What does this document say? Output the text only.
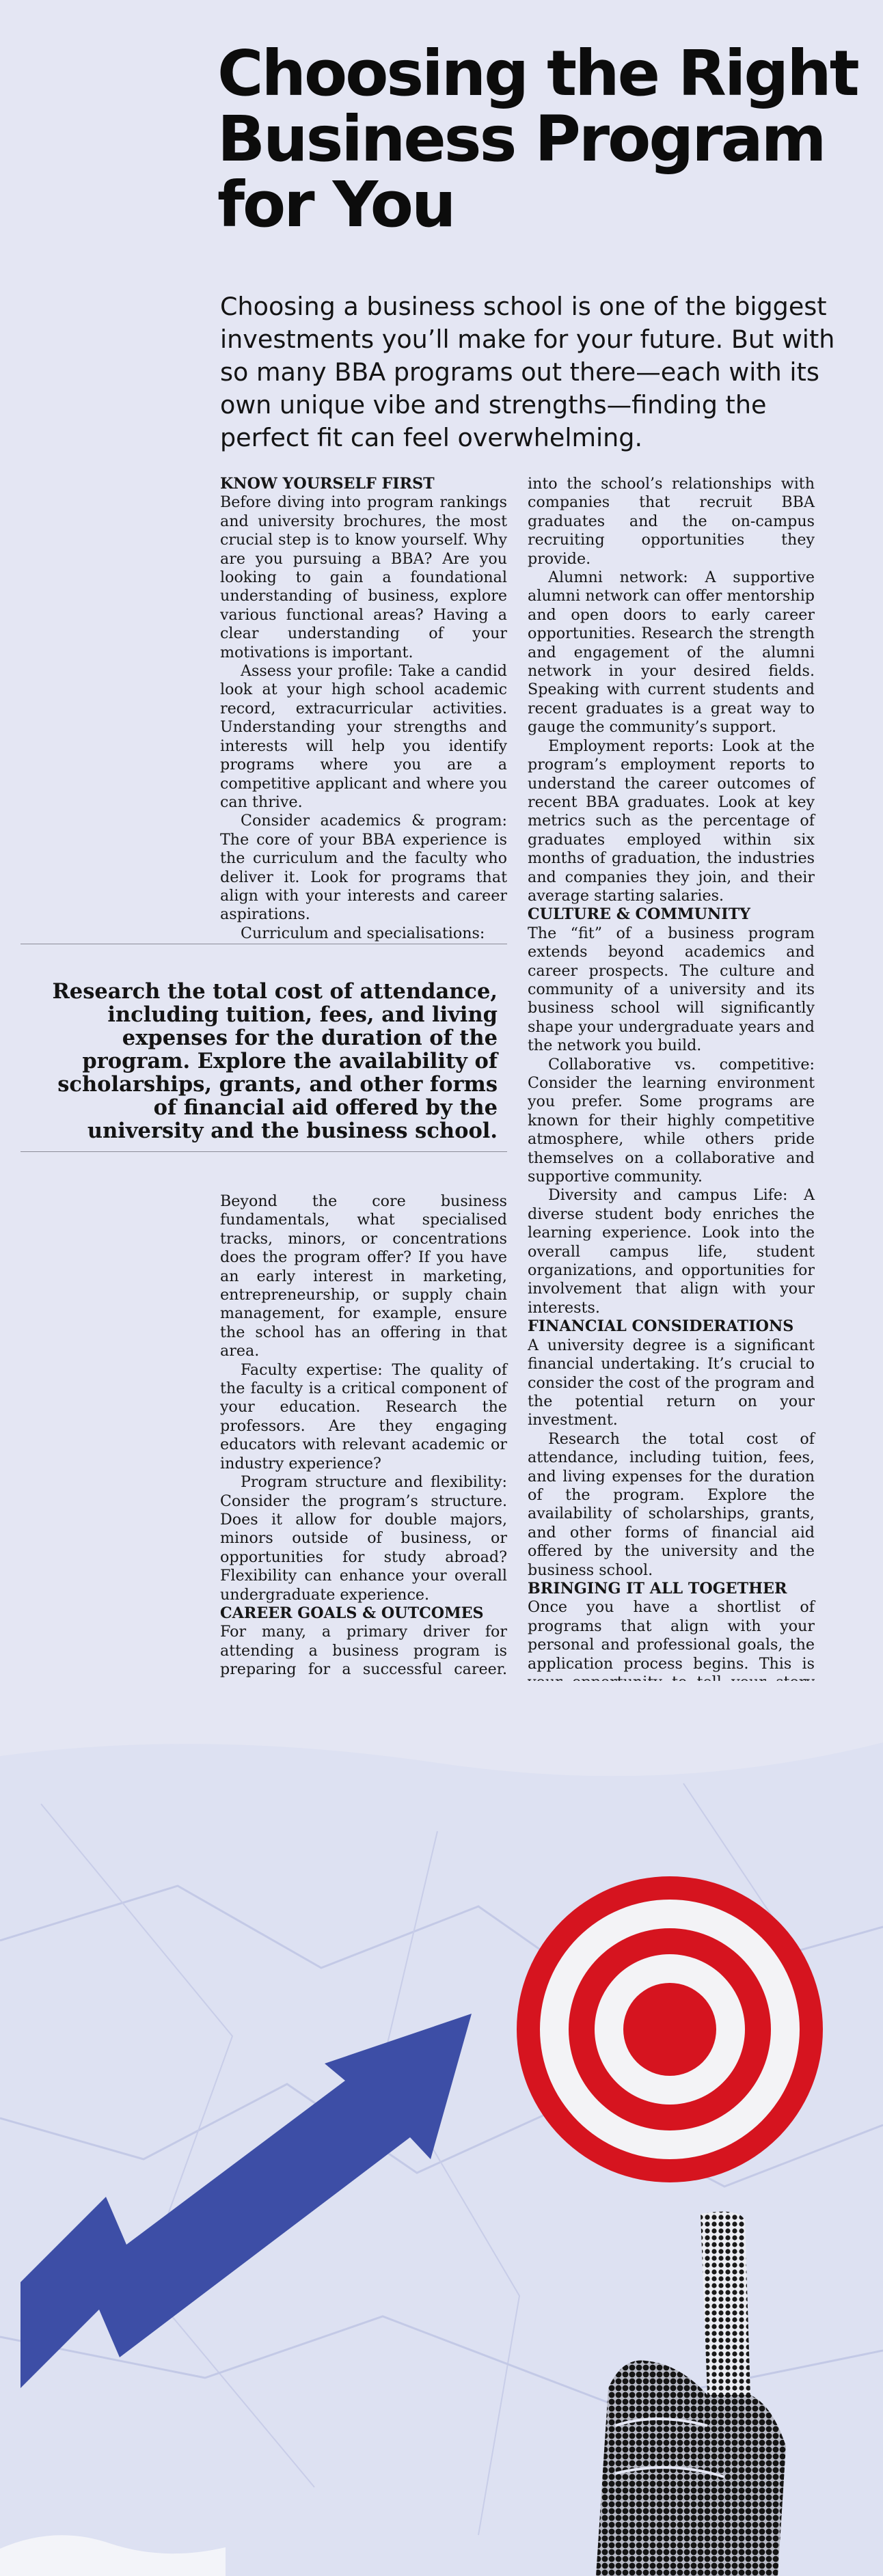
Choosing the Right Business Program for You

Choosing a business school is one of the biggest investments you’ll make for your future. But with so many BBA programs out there—each with its own unique vibe and strengths—finding the perfect fit can feel overwhelming.

KNOW YOURSELF FIRST

Before diving into program rankings and university brochures, the most crucial step is to know yourself. Why are you pursuing a BBA? Are you looking to gain a foundational understanding of business, explore various functional areas? Having a clear understanding of your motivations is important.

Assess your profile: Take a candid look at your high school academic record, extracurricular activities. Understanding your strengths and interests will help you identify programs where you are a competitive applicant and where you can thrive.

Consider academics & program: The core of your BBA experience is the curriculum and the faculty who deliver it. Look for programs that align with your interests and career aspirations.

Curriculum and specialisations:

Research the total cost of attendance, including tuition, fees, and living expenses for the duration of the program. Explore the availability of scholarships, grants, and other forms of financial aid offered by the university and the business school.

Beyond the core business fundamentals, what specialised tracks, minors, or concentrations does the program offer? If you have an early interest in marketing, entrepreneurship, or supply chain management, for example, ensure the school has an offering in that area.

Faculty expertise: The quality of the faculty is a critical component of your education. Research the professors. Are they engaging educators with relevant academic or industry experience?

Program structure and flexibility: Consider the program’s structure. Does it allow for double majors, minors outside of business, or opportunities for study abroad? Flexibility can enhance your overall undergraduate experience.

CAREER GOALS & OUTCOMES

For many, a primary driver for attending a business program is preparing for a successful career.

into the school’s relationships with companies that recruit BBA graduates and the on-campus recruiting opportunities they provide.

Alumni network: A supportive alumni network can offer mentorship and open doors to early career opportunities. Research the strength and engagement of the alumni network in your desired fields. Speaking with current students and recent graduates is a great way to gauge the community’s support.

Employment reports: Look at the program’s employment reports to understand the career outcomes of recent BBA graduates. Look at key metrics such as the percentage of graduates employed within six months of graduation, the industries and companies they join, and their average starting salaries.

CULTURE & COMMUNITY

The “fit” of a business program extends beyond academics and career prospects. The culture and community of a university and its business school will significantly shape your undergraduate years and the network you build.

Collaborative vs. competitive: Consider the learning environment you prefer. Some programs are known for their highly competitive atmosphere, while others pride themselves on a collaborative and supportive community.

Diversity and campus Life: A diverse student body enriches the learning experience. Look into the overall campus life, student organizations, and opportunities for involvement that align with your interests.

FINANCIAL CONSIDERATIONS

A university degree is a significant financial undertaking. It’s crucial to consider the cost of the program and the potential return on your investment.

Research the total cost of attendance, including tuition, fees, and living expenses for the duration of the program. Explore the availability of scholarships, grants, and other forms of financial aid offered by the university and the business school.

BRINGING IT ALL TOGETHER

Once you have a shortlist of programs that align with your personal and professional goals, the application process begins. This is
